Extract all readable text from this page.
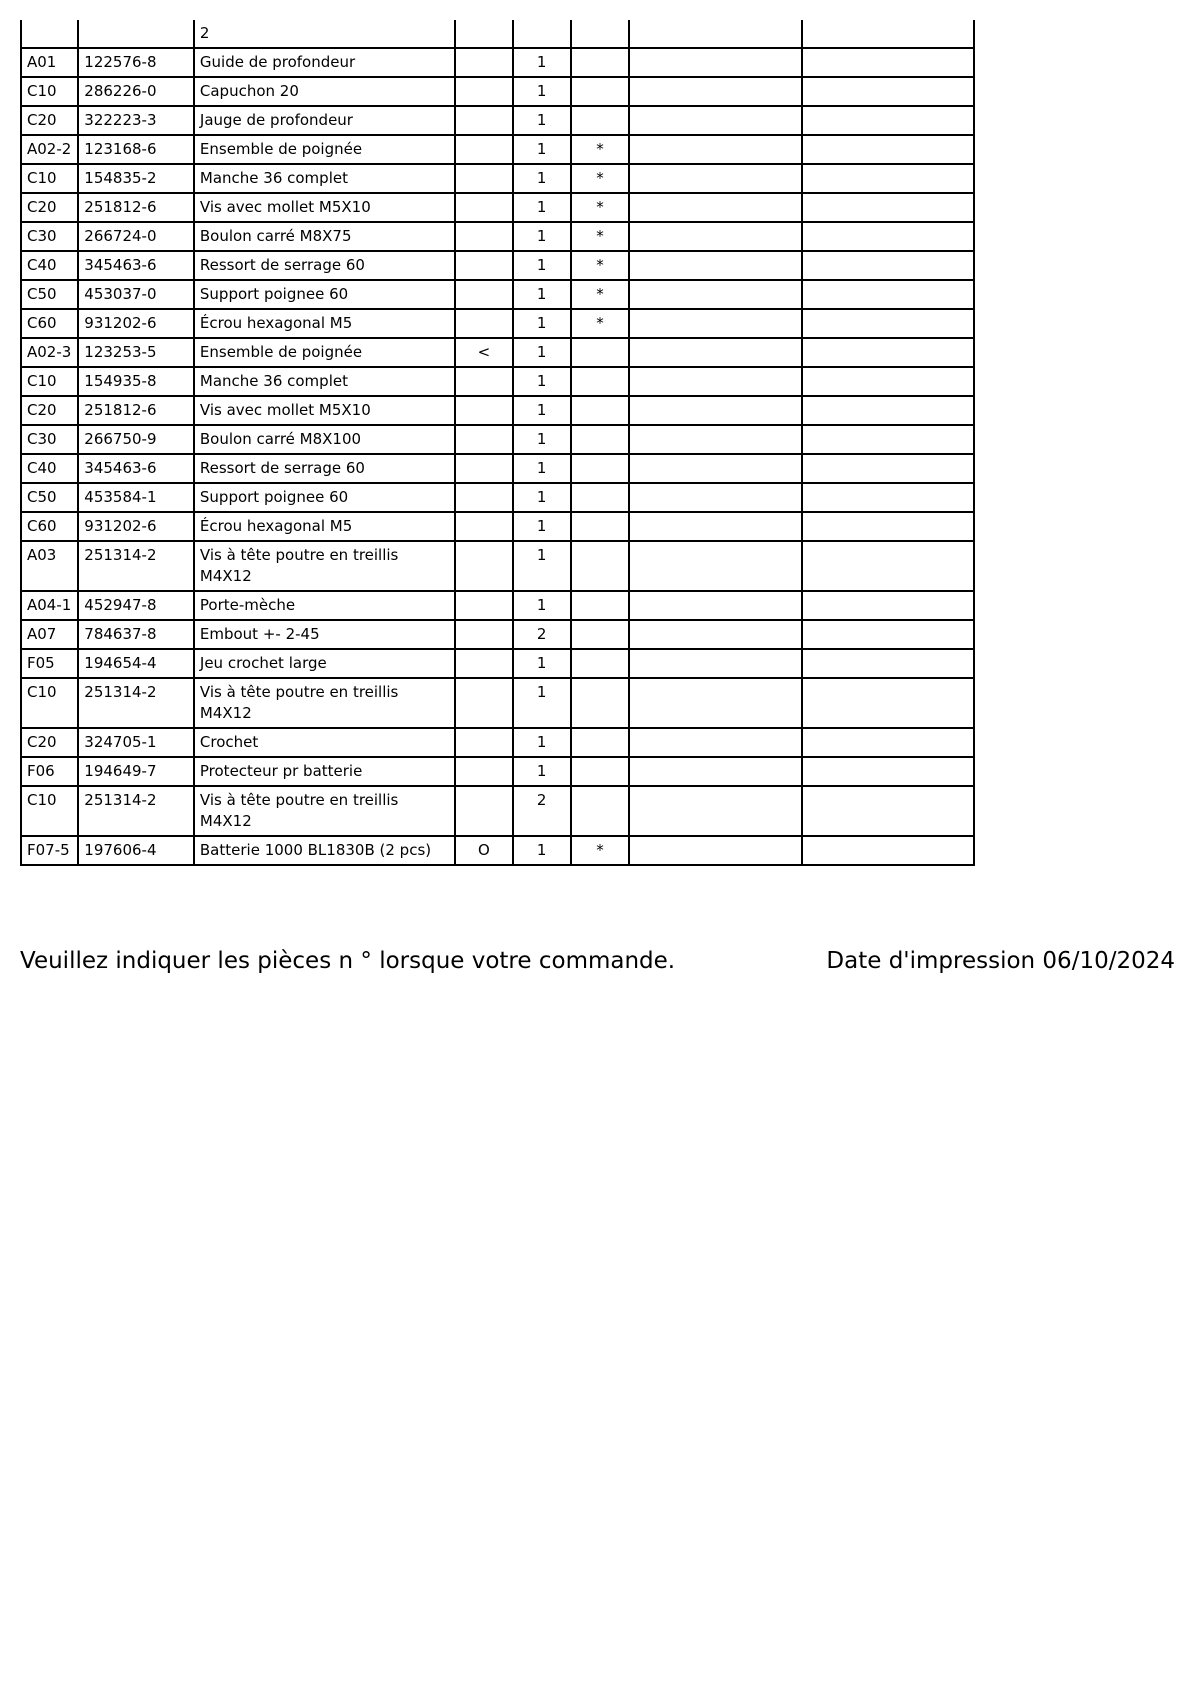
		2					
A01	122576-8	Guide de profondeur		1			
C10	286226-0	Capuchon 20		1			
C20	322223-3	Jauge de profondeur		1			
A02-2	123168-6	Ensemble de poignée		1	*		
C10	154835-2	Manche 36 complet		1	*		
C20	251812-6	Vis avec mollet M5X10		1	*		
C30	266724-0	Boulon carré M8X75		1	*		
C40	345463-6	Ressort de serrage 60		1	*		
C50	453037-0	Support poignee 60		1	*		
C60	931202-6	Écrou hexagonal M5		1	*		
A02-3	123253-5	Ensemble de poignée	<	1			
C10	154935-8	Manche 36 complet		1			
C20	251812-6	Vis avec mollet M5X10		1			
C30	266750-9	Boulon carré M8X100		1			
C40	345463-6	Ressort de serrage 60		1			
C50	453584-1	Support poignee 60		1			
C60	931202-6	Écrou hexagonal M5		1			
A03	251314-2	Vis à tête poutre en treillis M4X12		1			
A04-1	452947-8	Porte-mèche		1			
A07	784637-8	Embout +- 2-45		2			
F05	194654-4	Jeu crochet large		1			
C10	251314-2	Vis à tête poutre en treillis M4X12		1			
C20	324705-1	Crochet		1			
F06	194649-7	Protecteur pr batterie		1			
C10	251314-2	Vis à tête poutre en treillis M4X12		2			
F07-5	197606-4	Batterie 1000 BL1830B (2 pcs)	O	1	*		
Veuillez indiquer les pièces n ° lorsque votre commande.	Date d'impression 06/10/2024
